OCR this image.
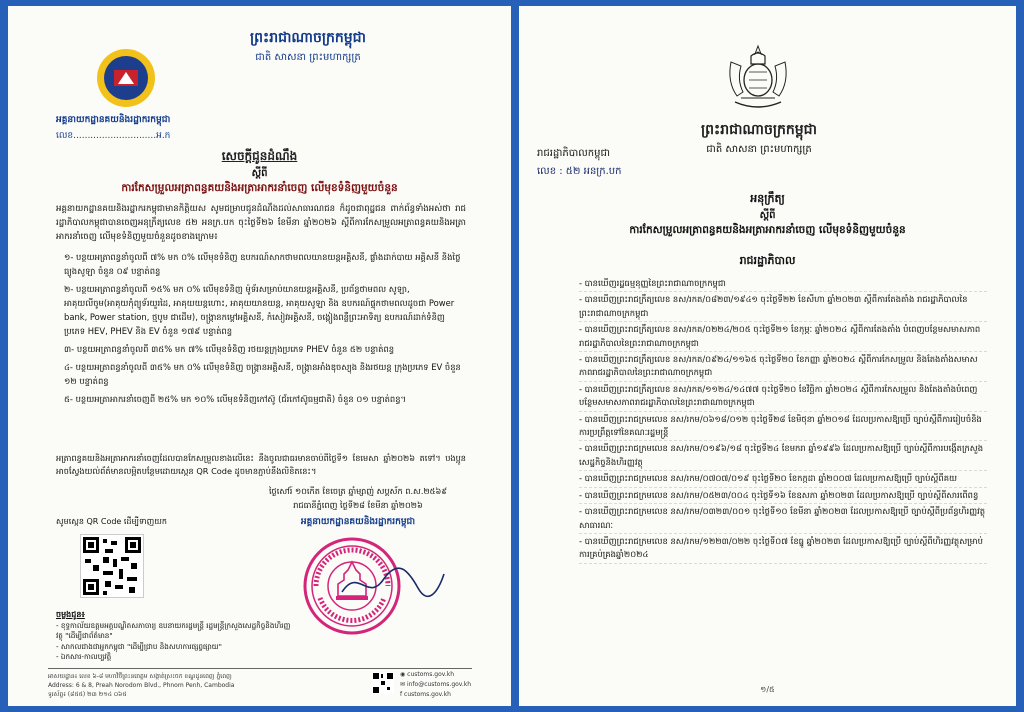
ព្រះរាជាណាចក្រកម្ពុជា
ជាតិ សាសនា ព្រះមហាក្សត្រ
អគ្គនាយកដ្ឋានគយនិងរដ្ឋាករកម្ពុជា
លេខ.............................អ.ក
សេចក្ដីជូនដំណឹង
ស្ដីពី
ការកែសម្រួលអត្រាពន្ធគយនិងអត្រាអាករនាំចេញ លើមុខទំនិញមួយចំនួន
អគ្គនាយកដ្ឋានគយនិងរដ្ឋាករកម្ពុជាមានកិត្តិយស សូមជម្រាបជូនដំណឹងដល់សាធារណជន ក៏ដូចជាពុដ្ឋជន ពាក់ព័ន្ធទាំងអស់ថា រាជរដ្ឋាភិបាលកម្ពុជាបានចេញអនុក្រឹត្យលេខ ៥២ អនក្រ.បក ចុះថ្ងៃទី២៦ ខែមីនា ឆ្នាំ២០២៦ ស្ដីពីការកែសម្រួលអត្រាពន្ធគយនិងអត្រាអាករនាំចេញ លើមុខទំនិញមួយចំនួនដូចខាងក្រោម៖
១- បន្ថយអត្រាពន្ធនាំចូលពី ៧% មក ០% លើមុខទំនិញ ឧបករណ៍សាកថាមពលយានយន្តអគ្គិសនី, ផ្លាំងដាក់បាយ អគ្គិសនី និងថ្លៃធ្យូងសូឡា ចំនួន ០៩ បន្ទាត់ពន្ធ
២- បន្ថយអត្រាពន្ធនាំចូលពី ១៥% មក ០% លើមុខទំនិញ ម៉ូទ័រសម្រាប់យានយន្តអគ្គិសនី, ប្រព័ន្ធថាមពល សូឡា, អាគុយលីចូម(អាគុយកុំព្យូទ័រយួរដៃ, អាគុយយន្តហោះ, អាគុយយានយន្ត, អាគុយសូឡា និង ឧបករណ៍ផ្ទុកថាមពលដូចជា Power bank, Power station, ថ្មបូម ជាដើម), ចង្ក្រានកម្ដៅអគ្គិសនី, កំសៀវអគ្គិសនី, ចង្កៀងពន្លឺព្រះអាទិត្យ ឧបករណ៍ដាក់ទំនិញប្រភេទ HEV, PHEV និង EV ចំនួន ១៧៩ បន្ទាត់ពន្ធ
៣- បន្ថយអត្រាពន្ធនាំចូលពី ៣៥% មក ៧% លើមុខទំនិញ រថយន្តក្រុងប្រភេទ PHEV ចំនួន ៥២ បន្ទាត់ពន្ធ
៤- បន្ថយអត្រាពន្ធនាំចូលពី ៣៥% មក ០% លើមុខទំនិញ ចង្ក្រានអគ្គិសនី, ចង្ក្រានអាំងឌុចស្យុង និងរថយន្ត ក្រុងប្រភេទ EV ចំនួន ១២ បន្ទាត់ពន្ធ
៥- បន្ថយអត្រាអាករនាំចេញពី ២៥% មក ១០% លើមុខទំនិញកៅស៊ូ (ជ័រកៅស៊ូធម្មជាតិ) ចំនួន ០១ បន្ទាត់ពន្ធ។
អត្រាពន្ធគយនិងអត្រាអាករនាំចេញដែលបានកែសម្រួលខាងលើនេះ នឹងចូលជាធរមានចាប់ពីថ្ងៃទី១ ខែមេសា ឆ្នាំ២០២៦ តទៅ។ បងប្អូនអាចស្វែងយល់ព័ត៌មានលម្អិតបន្ថែមដោយស្កេន QR Code ដូចមានភ្ជាប់នឹងលិខិតនេះ។
ថ្ងៃសៅរ៍ ១០កើត ខែចេត្រ ឆ្នាំម្សាញ់ សប្តស័ក ព.ស.២៥៦៩
រាជធានីភ្នំពេញ ថ្ងៃទី២៨ ខែមីនា ឆ្នាំ២០២៦
អគ្គនាយកដ្ឋានគយនិងរដ្ឋាករកម្ពុជា
សូមស្កេន QR Code ដើម្បីទាញយក
ចម្លងជូន៖
- ខុទ្ទកាល័យឧត្តមអគ្គបណ្ឌិតសភាចារ្យ ឧបនាយករដ្ឋមន្ត្រី រដ្ឋមន្ត្រីក្រសួងសេដ្ឋកិច្ចនិងហិរញ្ញវត្ថុ "ដើម្បីជាព័ត៌មាន"
- សាកលជាងជាអ្នកកម្ពុជា "ដើម្បីជ្រាប និងសហការផ្សព្វផ្សាយ"
- ឯកសារ-កាលប្បវត្តិ
អាសយដ្ឋាន៖ លេខ ៦-៨ មហាវិថីព្រះនរោត្តម សង្កាត់ស្រះចក ខណ្ឌដូនពេញ ភ្នំពេញ
Address: 6 & 8, Preah Norodom Blvd., Phnom Penh, Cambodia
ទូរស័ព្ទ៖ (៨៥៥) ២៣ ២១៤ ០៦៥
◉ customs.gov.kh
✉ info@customs.gov.kh
f customs.gov.kh
ព្រះរាជាណាចក្រកម្ពុជា
ជាតិ សាសនា ព្រះមហាក្សត្រ
រាជរដ្ឋាភិបាលកម្ពុជា
លេខ : ៥២ អនក្រ.បក
អនុក្រឹត្យ
ស្ដីពី
ការកែសម្រួលអត្រាពន្ធគយនិងអត្រាអាករនាំចេញ លើមុខទំនិញមួយចំនួន
រាជរដ្ឋាភិបាល
- បានឃើញរដ្ឋធម្មនុញ្ញនៃព្រះរាជាណាចក្រកម្ពុជា
- បានឃើញព្រះរាជក្រឹត្យលេខ នស/រកត/០៨២៣/១៩៤១ ចុះថ្ងៃទី២២ ខែសីហា ឆ្នាំ២០២៣ ស្ដីពីការតែងតាំង រាជរដ្ឋាភិបាលនៃព្រះរាជាណាចក្រកម្ពុជា
- បានឃើញព្រះរាជក្រឹត្យលេខ នស/រកត/០២២៤/២០៥ ចុះថ្ងៃទី២១ ខែកុម្ភៈ ឆ្នាំ២០២៤ ស្ដីពីការតែងតាំង បំពេញបន្ថែមសមាសភាពរាជរដ្ឋាភិបាលនៃព្រះរាជាណាចក្រកម្ពុជា
- បានឃើញព្រះរាជក្រឹត្យលេខ នស/រកត/០៩២៤/១១៦៥ ចុះថ្ងៃទី២០ ខែកញ្ញា ឆ្នាំ២០២៤ ស្ដីពីការកែសម្រួល និងតែងតាំងសមាសភាពរាជរដ្ឋាភិបាលនៃព្រះរាជាណាចក្រកម្ពុជា
- បានឃើញព្រះរាជក្រឹត្យលេខ នស/រកត/១១២៤/១៤៧៧ ចុះថ្ងៃទី២០ ខែវិច្ឆិកា ឆ្នាំ២០២៤ ស្ដីពីការកែសម្រួល និងតែងតាំងបំពេញបន្ថែមសមាសភាពរាជរដ្ឋាភិបាលនៃព្រះរាជាណាចក្រកម្ពុជា
- បានឃើញព្រះរាជក្រមលេខ នស/រកម/០៦១៨/០១២ ចុះថ្ងៃទី២៨ ខែមិថុនា ឆ្នាំ២០១៨ ដែលប្រកាសឱ្យប្រើ ច្បាប់ស្ដីពីការរៀបចំនិងការប្រព្រឹត្តទៅនៃគណៈរដ្ឋមន្ត្រី
- បានឃើញព្រះរាជក្រមលេខ នស/រកម/០១៩៦/១៨ ចុះថ្ងៃទី២៤ ខែមករា ឆ្នាំ១៩៩៦ ដែលប្រកាសឱ្យប្រើ ច្បាប់ស្ដីពីការបង្កើតក្រសួងសេដ្ឋកិច្ចនិងហិរញ្ញវត្ថុ
- បានឃើញព្រះរាជក្រមលេខ នស/រកម/០៧០៧/០១៩ ចុះថ្ងៃទី២០ ខែកក្កដា ឆ្នាំ២០០៧ ដែលប្រកាសឱ្យប្រើ ច្បាប់ស្ដីពីគយ
- បានឃើញព្រះរាជក្រមលេខ នស/រកម/០៥២៣/០០៤ ចុះថ្ងៃទី១៦ ខែឧសភា ឆ្នាំ២០២៣ ដែលប្រកាសឱ្យប្រើ ច្បាប់ស្ដីពីសារពើពន្ធ
- បានឃើញព្រះរាជក្រមលេខ នស/រកម/០៣២៣/០០១ ចុះថ្ងៃទី១០ ខែមីនា ឆ្នាំ២០២៣ ដែលប្រកាសឱ្យប្រើ ច្បាប់ស្ដីពីប្រព័ន្ធហិរញ្ញវត្ថុសាធារណៈ
- បានឃើញព្រះរាជក្រមលេខ នស/រកម/១២២៣/០២២ ចុះថ្ងៃទី០៧ ខែធ្នូ ឆ្នាំ២០២៣ ដែលប្រកាសឱ្យប្រើ ច្បាប់ស្ដីពីហិរញ្ញវត្ថុសម្រាប់ការគ្រប់គ្រងឆ្នាំ២០២៤
១/៥
